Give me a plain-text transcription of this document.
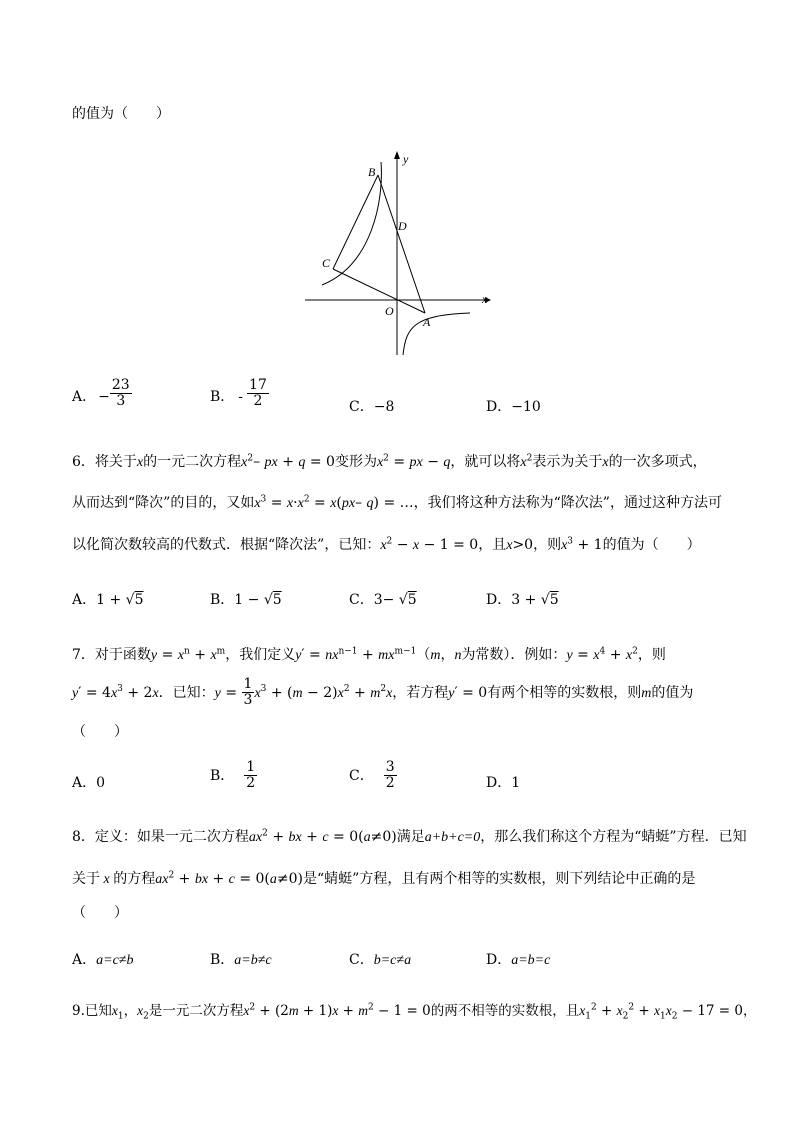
的值为（　　）
B
D
C
O
A
x
y
A． − $\frac{23}{3}$	B． - $\frac{17}{2}$	C．−8	D．−10
6．将关于x的一元二次方程$x^2-$ px + q = 0变形为$x^2$ = px − q，就可以将$x^2$表示为关于x的一次多项式，
从而达到“降次”的目的，又如$x^3 = x\cdot x^2 = x(px-$ q) = …，我们将这种方法称为“降次法”，通过这种方法可
以化简次数较高的代数式．根据“降次法”，已知：$x^2 - x - 1 = 0$，且x>0，则$x^3 + 1$的值为（　　）
A．1 + √5	B．1 − √5	C．3− √5	D．3 + √5
7．对于函数$y = x^n + x^m$，我们定义$y' = nx^{n-1} + mx^{m-1}(m$，n为常数）．例如：$y = x^4 + x^2$，则
$y' = 4x^3 + 2x$．已知：$y = \frac{1}{3} x^3 + (m - 2)x^2 + m^2x$，若方程y′ = 0有两个相等的实数根，则m的值为
（　　）
A．0	B． $\frac{1}{2}$	C． $\frac{3}{2}$	D．1
8．定义：如果一元二次方程$ax^2$ + bx + c = 0(a≠0)满足a+b+c=0，那么我们称这个方程为“蜻蜓”方程．已知
关于 x 的方程$ax^2$ + bx + c = 0(a≠0)是“蜻蜓”方程，且有两个相等的实数根，则下列结论中正确的是
（　　）
A．a=c≠b	B．a=b≠c	C．b=c≠a	D．a=b=c
9.已知$x_1$，$x_2$是一元二次方程$x^2 + (2m + 1)x + m^2 - 1 = 0$的两不相等的实数根，且$x_1^2 + x_2^2 + x_1x_2 - 17 = 0$，
